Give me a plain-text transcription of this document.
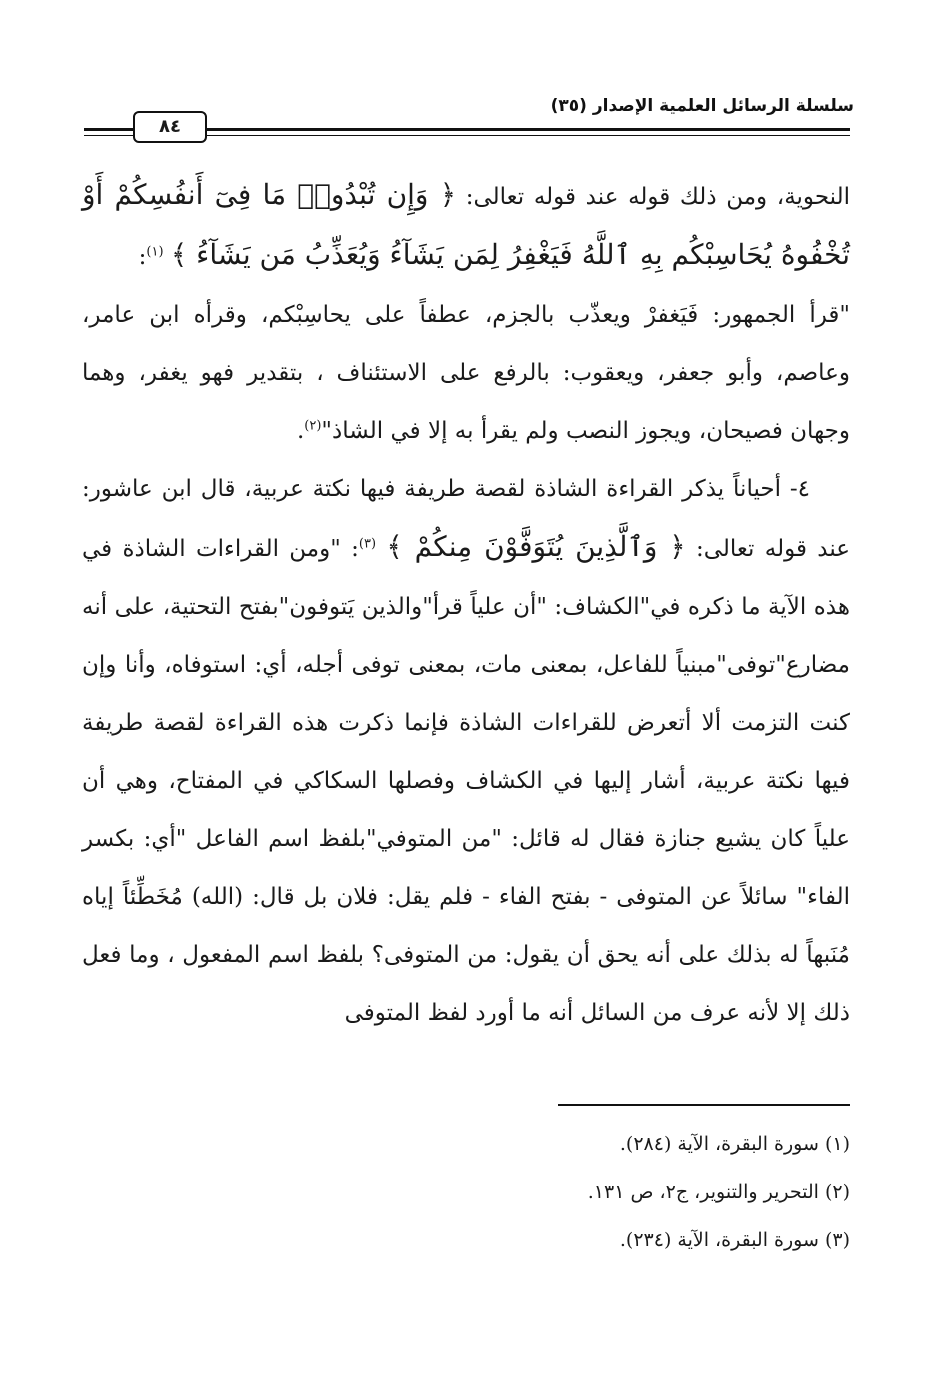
سلسلة الرسائل العلمية الإصدار (٣٥)
٨٤

النحوية، ومن ذلك قوله عند قوله تعالى: ﴿ وَإِن تُبْدُوا۟ مَا فِىٓ أَنفُسِكُمْ أَوْ تُخْفُوهُ يُحَاسِبْكُم بِهِ ٱللَّهُ فَيَغْفِرُ لِمَن يَشَآءُ وَيُعَذِّبُ مَن يَشَآءُ ﴾ $^{(١)}$:

"قرأ الجمهور: فَيَغفرْ ويعذّب بالجزم، عطفاً على يحاسِبْكم، وقرأه ابن عامر، وعاصم، وأبو جعفر، ويعقوب: بالرفع على الاستئناف ، بتقدير فهو يغفر، وهما وجهان فصيحان، ويجوز النصب ولم يقرأ به إلا في الشاذ"$^{(٢)}$.

٤- أحياناً يذكر القراءة الشاذة لقصة طريفة فيها نكتة عربية، قال ابن عاشور: عند قوله تعالى: ﴿ وَٱلَّذِينَ يُتَوَفَّوْنَ مِنكُمْ ﴾ $^{(٣)}$: "ومن القراءات الشاذة في هذه الآية ما ذكره في"الكشاف: "أن علياً قرأ"والذين يَتوفون"بفتح التحتية، على أنه مضارع"توفى"مبنياً للفاعل، بمعنى مات، بمعنى توفى أجله، أي: استوفاه، وأنا وإن كنت التزمت ألا أتعرض للقراءات الشاذة فإنما ذكرت هذه القراءة لقصة طريفة فيها نكتة عربية، أشار إليها في الكشاف وفصلها السكاكي في المفتاح، وهي أن علياً كان يشيع جنازة فقال له قائل: "من المتوفي"بلفظ اسم الفاعل "أي: بكسر الفاء" سائلاً عن المتوفى - بفتح الفاء - فلم يقل: فلان بل قال: (الله) مُخَطِّئاً إياه مُنَبهاً له بذلك على أنه يحق أن يقول: من المتوفى؟ بلفظ اسم المفعول ، وما فعل ذلك إلا لأنه عرف من السائل أنه ما أورد لفظ المتوفى

(١) سورة البقرة، الآية (٢٨٤).
(٢) التحرير والتنوير، ج٢، ص ١٣١.
(٣) سورة البقرة، الآية (٢٣٤).
